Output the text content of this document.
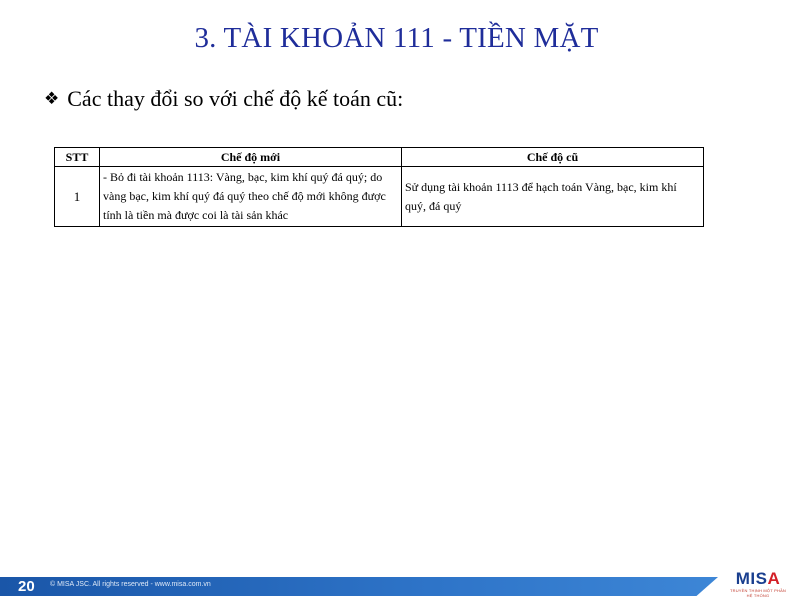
3. TÀI KHOẢN 111 - TIỀN MẶT
❖ Các thay đổi so với chế độ kế toán cũ:
STT	Chế độ mới	Chế độ cũ
1	- Bỏ đi tài khoản 1113: Vàng, bạc, kim khí quý đá quý; do vàng bạc, kim khí quý đá quý theo chế độ mới không được tính là tiền mà được coi là tài sản khác	Sử dụng tài khoản 1113 để hạch toán Vàng, bạc, kim khí quý, đá quý
20 © MISA JSC. All rights reserved - www.misa.com.vn	MISA
TRUYỀN THỊNH MỘT PHẦN HỆ THỐNG
